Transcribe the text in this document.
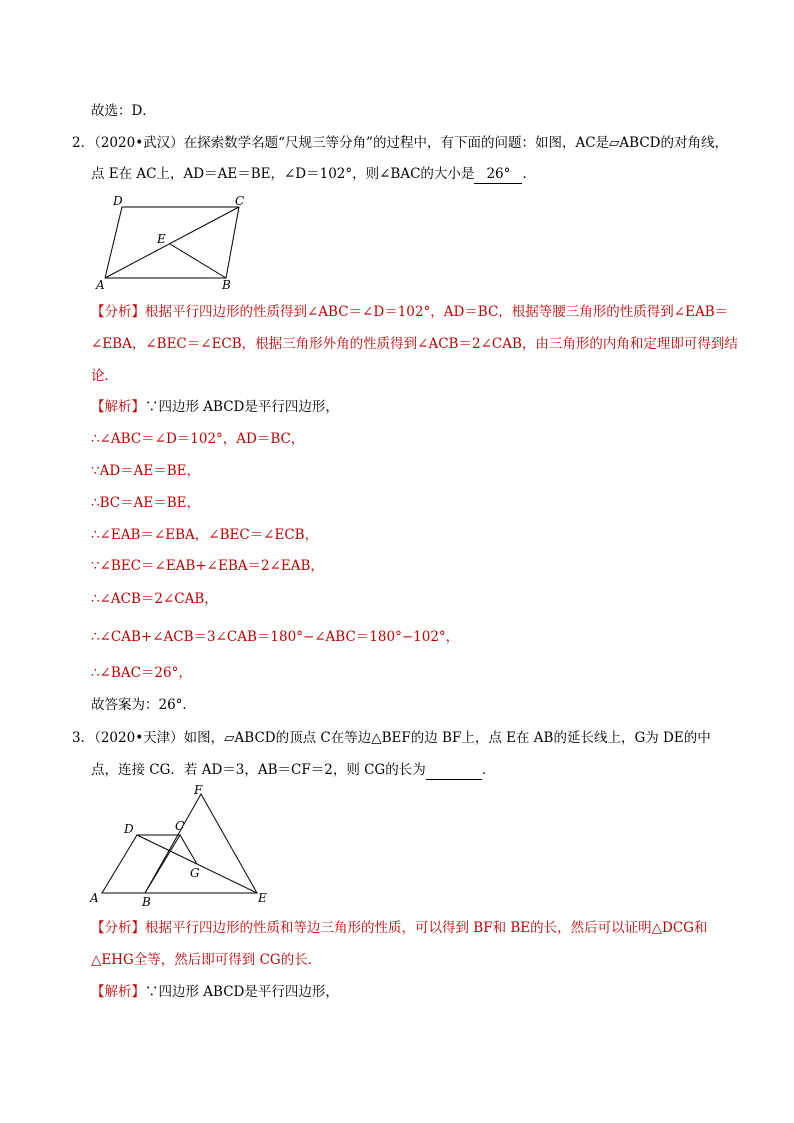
故选：D．
2．（2020•武汉）在探索数学名题“尺规三等分角”的过程中，有下面的问题：如图，AC是▱ABCD的对角线，
点 E在 AC上，AD＝AE＝BE，∠D＝102°，则∠BAC的大小是 26° ．
D	C
E
A	B
【分析】根据平行四边形的性质得到∠ABC＝∠D＝102°，AD＝BC，根据等腰三角形的性质得到∠EAB＝
∠EBA，∠BEC＝∠ECB，根据三角形外角的性质得到∠ACB＝2∠CAB，由三角形的内角和定理即可得到结
论．
【解析】∵四边形 ABCD是平行四边形，
∴∠ABC＝∠D＝102°，AD＝BC，
∵AD＝AE＝BE，
∴BC＝AE＝BE，
∴∠EAB＝∠EBA，∠BEC＝∠ECB，
∵∠BEC＝∠EAB+∠EBA＝2∠EAB，
∴∠ACB＝2∠CAB，
∴∠CAB+∠ACB＝3∠CAB＝180°−∠ABC＝180°−102°，
∴∠BAC＝26°，
故答案为：26°．
3．（2020•天津）如图，▱ABCD的顶点 C在等边△BEF的边 BF上，点 E在 AB的延长线上，G为 DE的中
点，连接 CG．若 AD＝3，AB＝CF＝2，则 CG的长为	．
F
D	C
G
A	B	E
【分析】根据平行四边形的性质和等边三角形的性质，可以得到 BF和 BE的长，然后可以证明△DCG和
△EHG全等，然后即可得到 CG的长．
【解析】∵四边形 ABCD是平行四边形，
